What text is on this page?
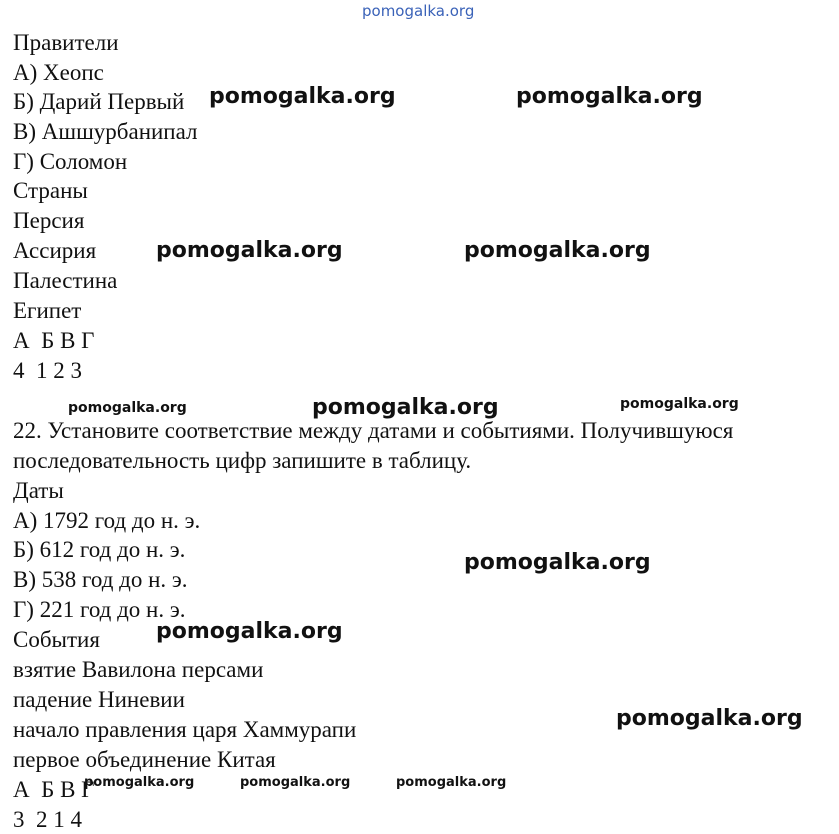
pomogalka.org
Правители
А) Хеопс
Б) Дарий Первый
В) Ашшурбанипал
Г) Соломон
Страны
Персия
Ассирия
Палестина
Египет
А  Б В Г
4  1 2 3
22. Установите соответствие между датами и событиями. Получившуюся
последовательность цифр запишите в таблицу.
Даты
А) 1792 год до н. э.
Б) 612 год до н. э.
В) 538 год до н. э.
Г) 221 год до н. э.
События
взятие Вавилона персами
падение Ниневии
начало правления царя Хаммурапи
первое объединение Китая
А  Б В Г
3  2 1 4
pomogalka.org	pomogalka.org
pomogalka.org	pomogalka.org
pomogalka.org	pomogalka.org	pomogalka.org
pomogalka.org
pomogalka.org
pomogalka.org
pomogalka.org	pomogalka.org	pomogalka.org
